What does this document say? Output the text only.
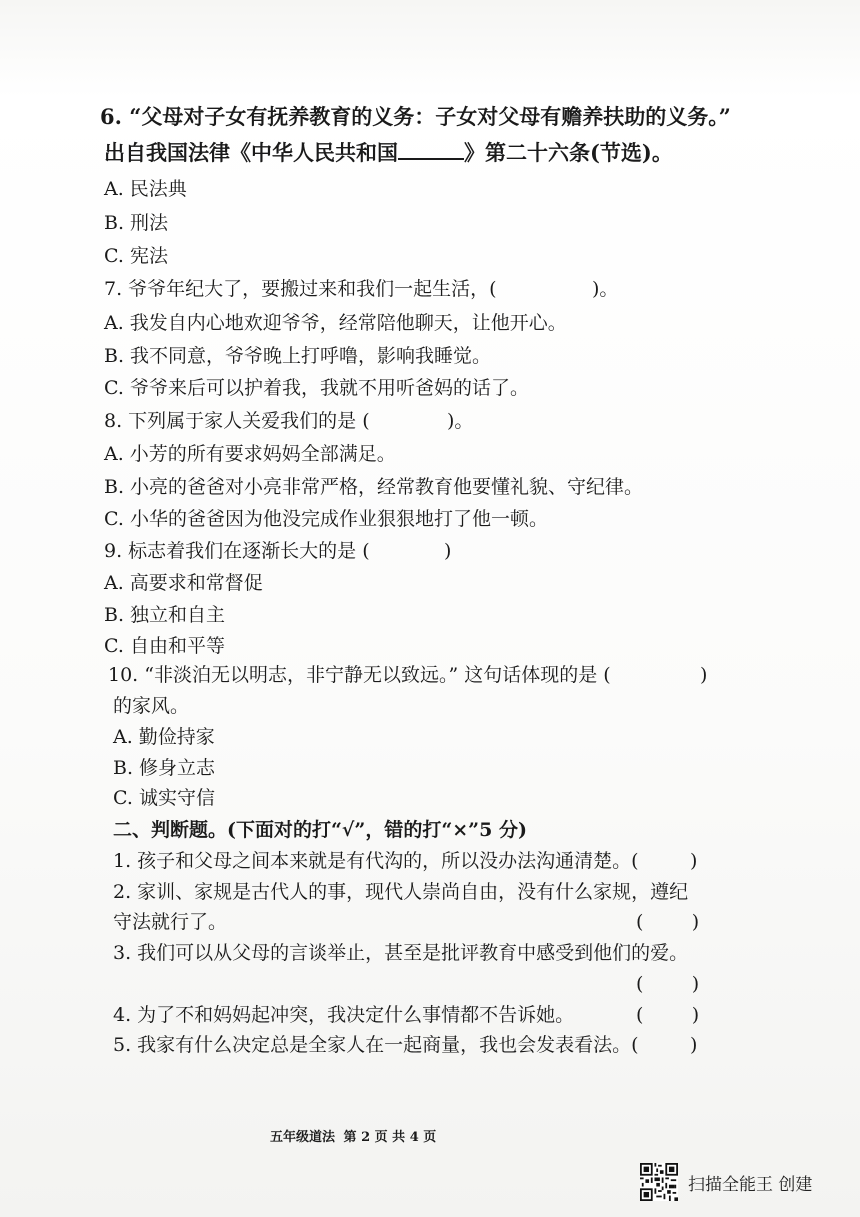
6. “父母对子女有抚养教育的义务：子女对父母有赡养扶助的义务。”
出自我国法律《中华人民共和国	》第二十六条(节选)。
A. 民法典
B. 刑法
C. 宪法
7. 爷爷年纪大了，要搬过来和我们一起生活，(	)。
A. 我发自内心地欢迎爷爷，经常陪他聊天，让他开心。
B. 我不同意，爷爷晚上打呼噜，影响我睡觉。
C. 爷爷来后可以护着我，我就不用听爸妈的话了。
8. 下列属于家人关爱我们的是 (	)。
A. 小芳的所有要求妈妈全部满足。
B. 小亮的爸爸对小亮非常严格，经常教育他要懂礼貌、守纪律。
C. 小华的爸爸因为他没完成作业狠狠地打了他一顿。
9. 标志着我们在逐渐长大的是 (	)
A. 高要求和常督促
B. 独立和自主
C. 自由和平等
10. “非淡泊无以明志，非宁静无以致远。” 这句话体现的是 (	)
的家风。
A. 勤俭持家
B. 修身立志
C. 诚实守信
二、判断题。(下面对的打“√”，错的打“×”5 分)
1. 孩子和父母之间本来就是有代沟的，所以没办法沟通清楚。(	)
2. 家训、家规是古代人的事，现代人崇尚自由，没有什么家规，遵纪
守法就行了。	(        )
3. 我们可以从父母的言谈举止，甚至是批评教育中感受到他们的爱。
(        )
4. 为了不和妈妈起冲突，我决定什么事情都不告诉她。	(        )
5. 我家有什么决定总是全家人在一起商量，我也会发表看法。(	)
五年级道法 第 2 页 共 4 页
扫描全能王 创建
